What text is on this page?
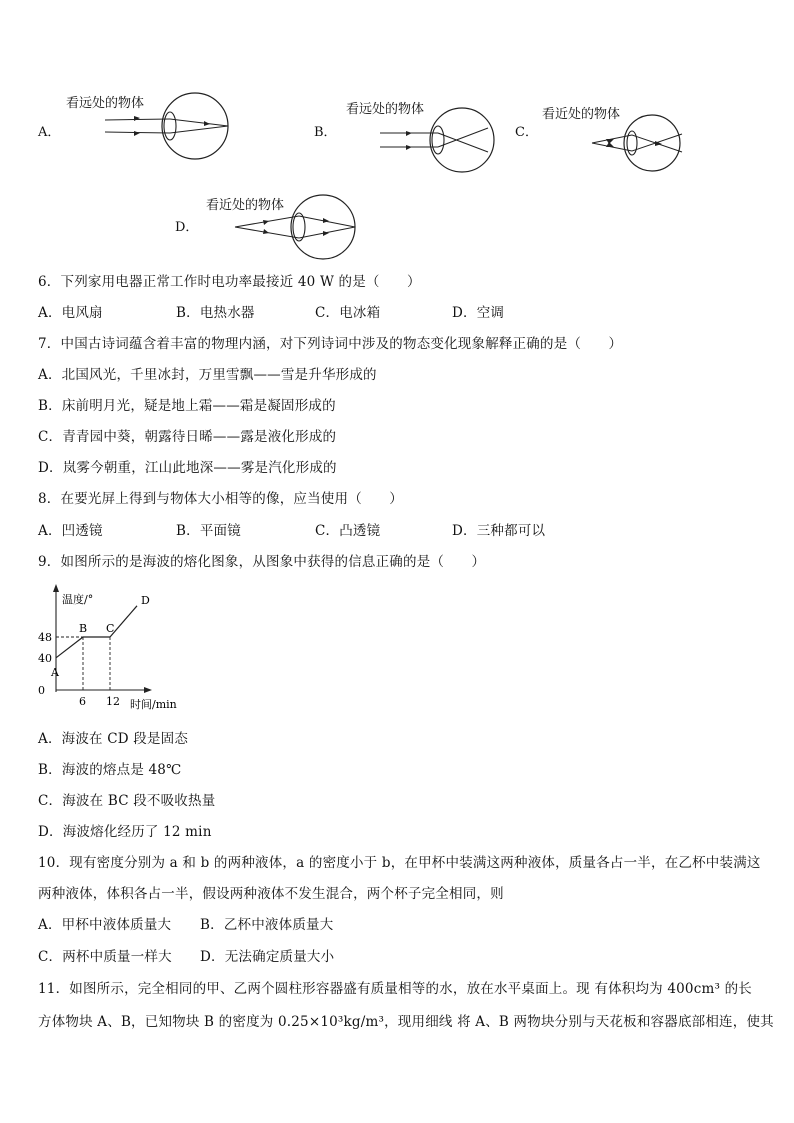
A．
看远处的物体
B．
看远处的物体
C．
看近处的物体
D．
看近处的物体
6．下列家用电器正常工作时电功率最接近 40 W 的是（　　）
A．电风扇	B．电热水器	C．电冰箱	D．空调
7．中国古诗词蕴含着丰富的物理内涵，对下列诗词中涉及的物态变化现象解释正确的是（　　）
A．北国风光，千里冰封，万里雪飘——雪是升华形成的
B．床前明月光，疑是地上霜——霜是凝固形成的
C．青青园中葵，朝露待日晞——露是液化形成的
D．岚雾今朝重，江山此地深——雾是汽化形成的
8．在要光屏上得到与物体大小相等的像，应当使用（　　）
A．凹透镜	B．平面镜	C．凸透镜	D．三种都可以
9．如图所示的是海波的熔化图象，从图象中获得的信息正确的是（　　）
温度/°
时间/min
A
B C
D
48
40
0
6 12
A．海波在 CD 段是固态
B．海波的熔点是 48℃
C．海波在 BC 段不吸收热量
D．海波熔化经历了 12 min
10．现有密度分别为 a 和 b 的两种液体，a 的密度小于 b，在甲杯中装满这两种液体，质量各占一半，在乙杯中装满这
两种液体，体积各占一半，假设两种液体不发生混合，两个杯子完全相同，则
A．甲杯中液体质量大 B．乙杯中液体质量大
C．两杯中质量一样大 D．无法确定质量大小
11．如图所示，完全相同的甲、乙两个圆柱形容器盛有质量相等的水，放在水平桌面上。现 有体积均为 400cm³ 的长
方体物块 A、B，已知物块 B 的密度为 0.25×10³kg/m³，现用细线 将 A、B 两物块分别与天花板和容器底部相连，使其
